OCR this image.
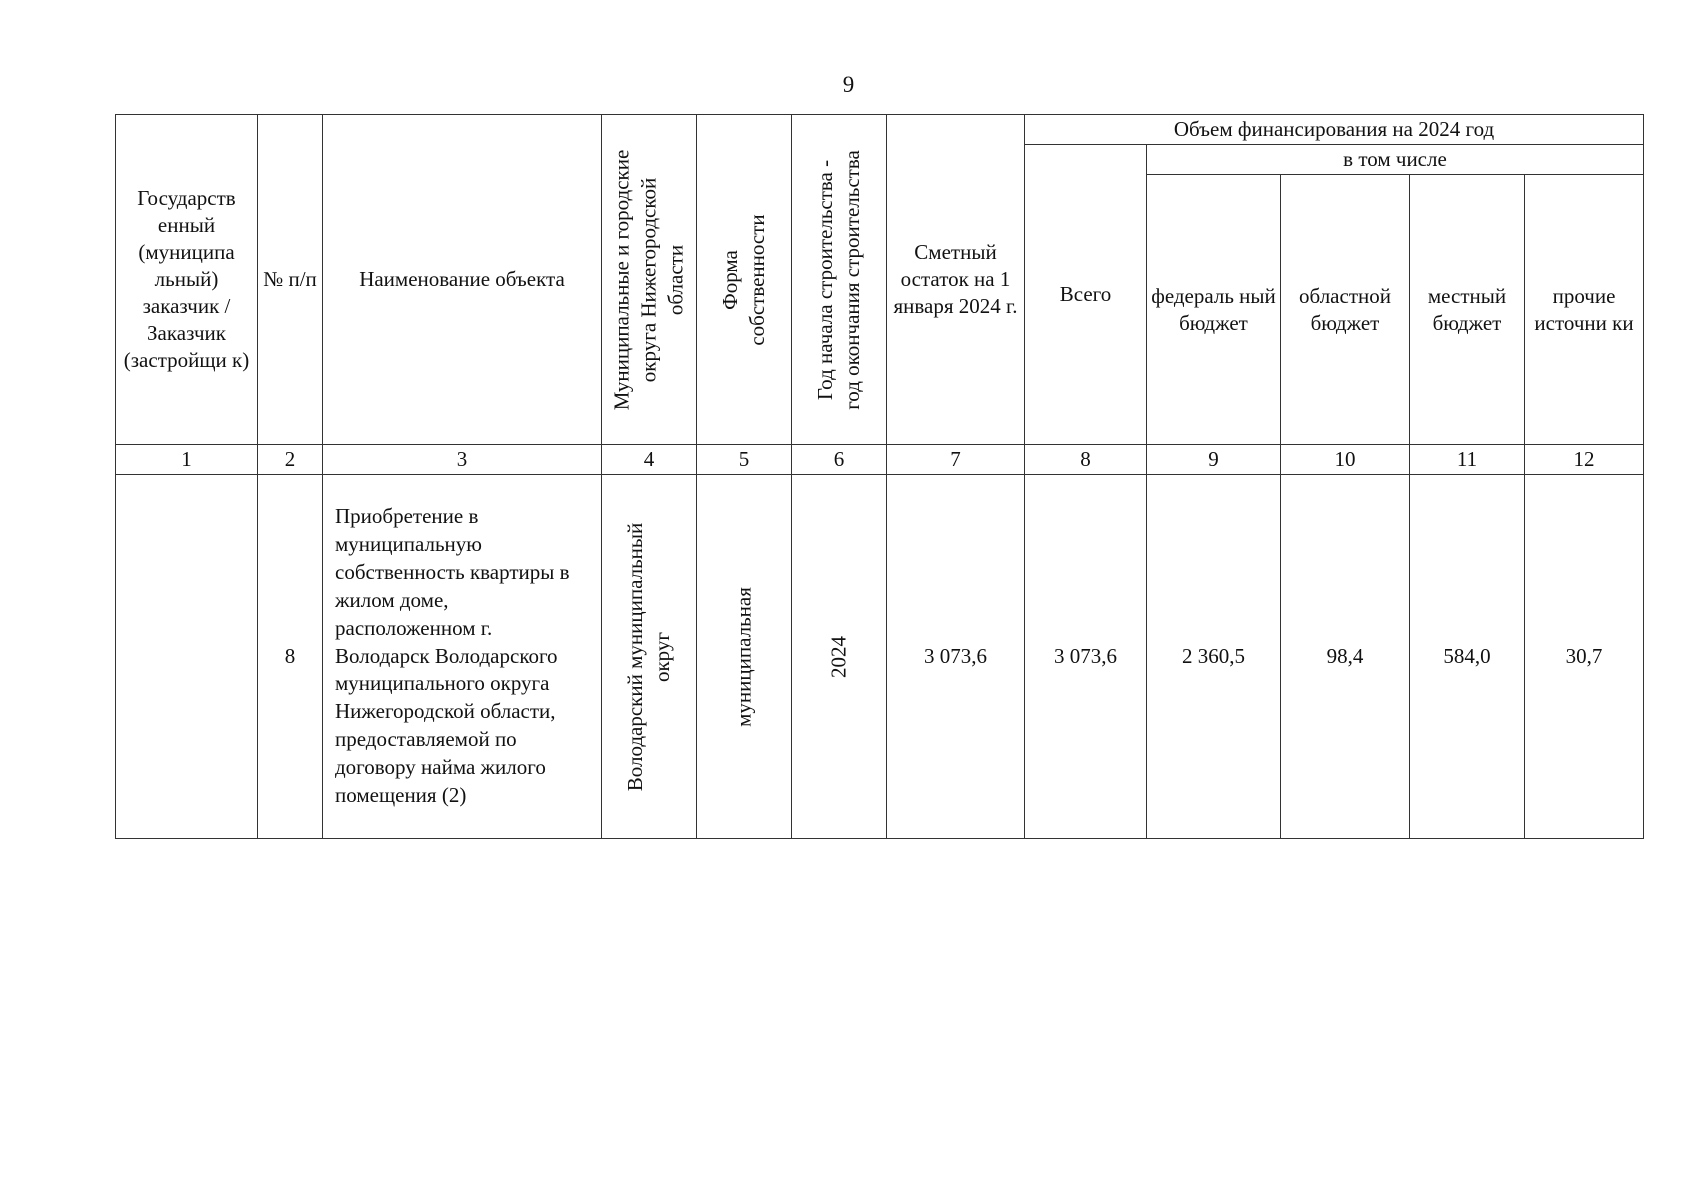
9
Государств енный (муниципа льный) заказчик / Заказчик (застройщи к)	№ п/п	Наименование объекта	Муниципальные и городские округа Нижегородской области	Форма собственности	Год начала строительства - год окончания строительства	Сметный остаток на 1 января 2024 г.	Объем финансирования на 2024 год				
							Всего	в том числе			
								федераль ный бюджет	областной бюджет	местный бюджет	прочие источни ки
1	2	3	4	5	6	7	8	9	10	11	12
	8	Приобретение в муниципальную собственность квартиры в жилом доме, расположенном г. Володарск Володарского муниципального округа Нижегородской области, предоставляемой по договору найма жилого помещения (2)	Володарский муниципальный округ	муниципальная	2024	3 073,6	3 073,6	2 360,5	98,4	584,0	30,7
